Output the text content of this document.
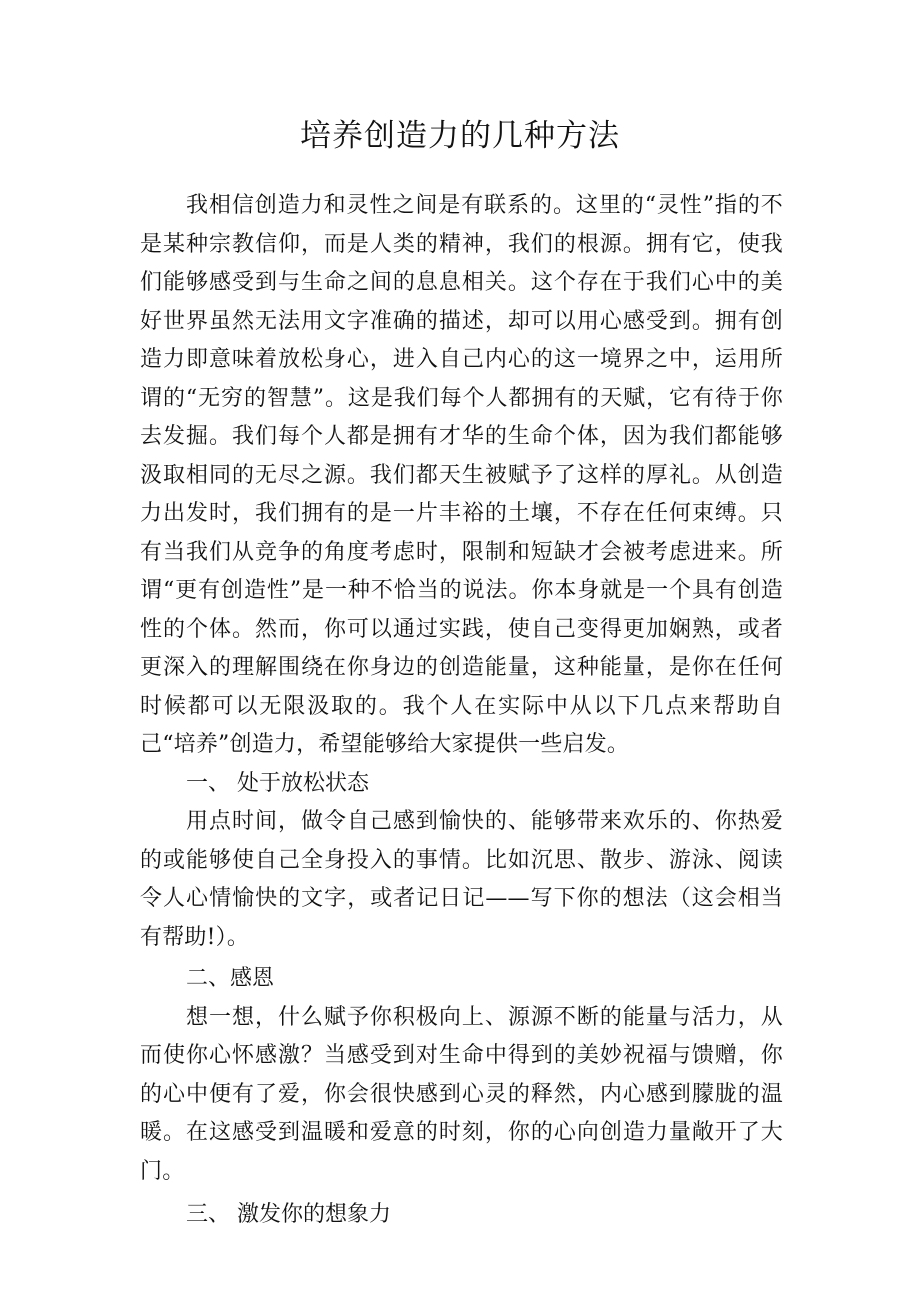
培养创造力的几种方法

我相信创造力和灵性之间是有联系的。这里的“灵性”指的不是某种宗教信仰，而是人类的精神，我们的根源。拥有它，使我们能够感受到与生命之间的息息相关。这个存在于我们心中的美好世界虽然无法用文字准确的描述，却可以用心感受到。拥有创造力即意味着放松身心，进入自己内心的这一境界之中，运用所谓的“无穷的智慧”。这是我们每个人都拥有的天赋，它有待于你去发掘。我们每个人都是拥有才华的生命个体，因为我们都能够汲取相同的无尽之源。我们都天生被赋予了这样的厚礼。从创造力出发时，我们拥有的是一片丰裕的土壤，不存在任何束缚。只有当我们从竞争的角度考虑时，限制和短缺才会被考虑进来。所谓“更有创造性”是一种不恰当的说法。你本身就是一个具有创造性的个体。然而，你可以通过实践，使自己变得更加娴熟，或者更深入的理解围绕在你身边的创造能量，这种能量，是你在任何时候都可以无限汲取的。我个人在实际中从以下几点来帮助自己“培养”创造力，希望能够给大家提供一些启发。

一、 处于放松状态

用点时间，做令自己感到愉快的、能够带来欢乐的、你热爱的或能够使自己全身投入的事情。比如沉思、散步、游泳、阅读令人心情愉快的文字，或者记日记——写下你的想法（这会相当有帮助!）。

二、感恩

想一想，什么赋予你积极向上、源源不断的能量与活力，从而使你心怀感激？当感受到对生命中得到的美妙祝福与馈赠，你的心中便有了爱，你会很快感到心灵的释然，内心感到朦胧的温暖。在这感受到温暖和爱意的时刻，你的心向创造力量敞开了大门。

三、 激发你的想象力
